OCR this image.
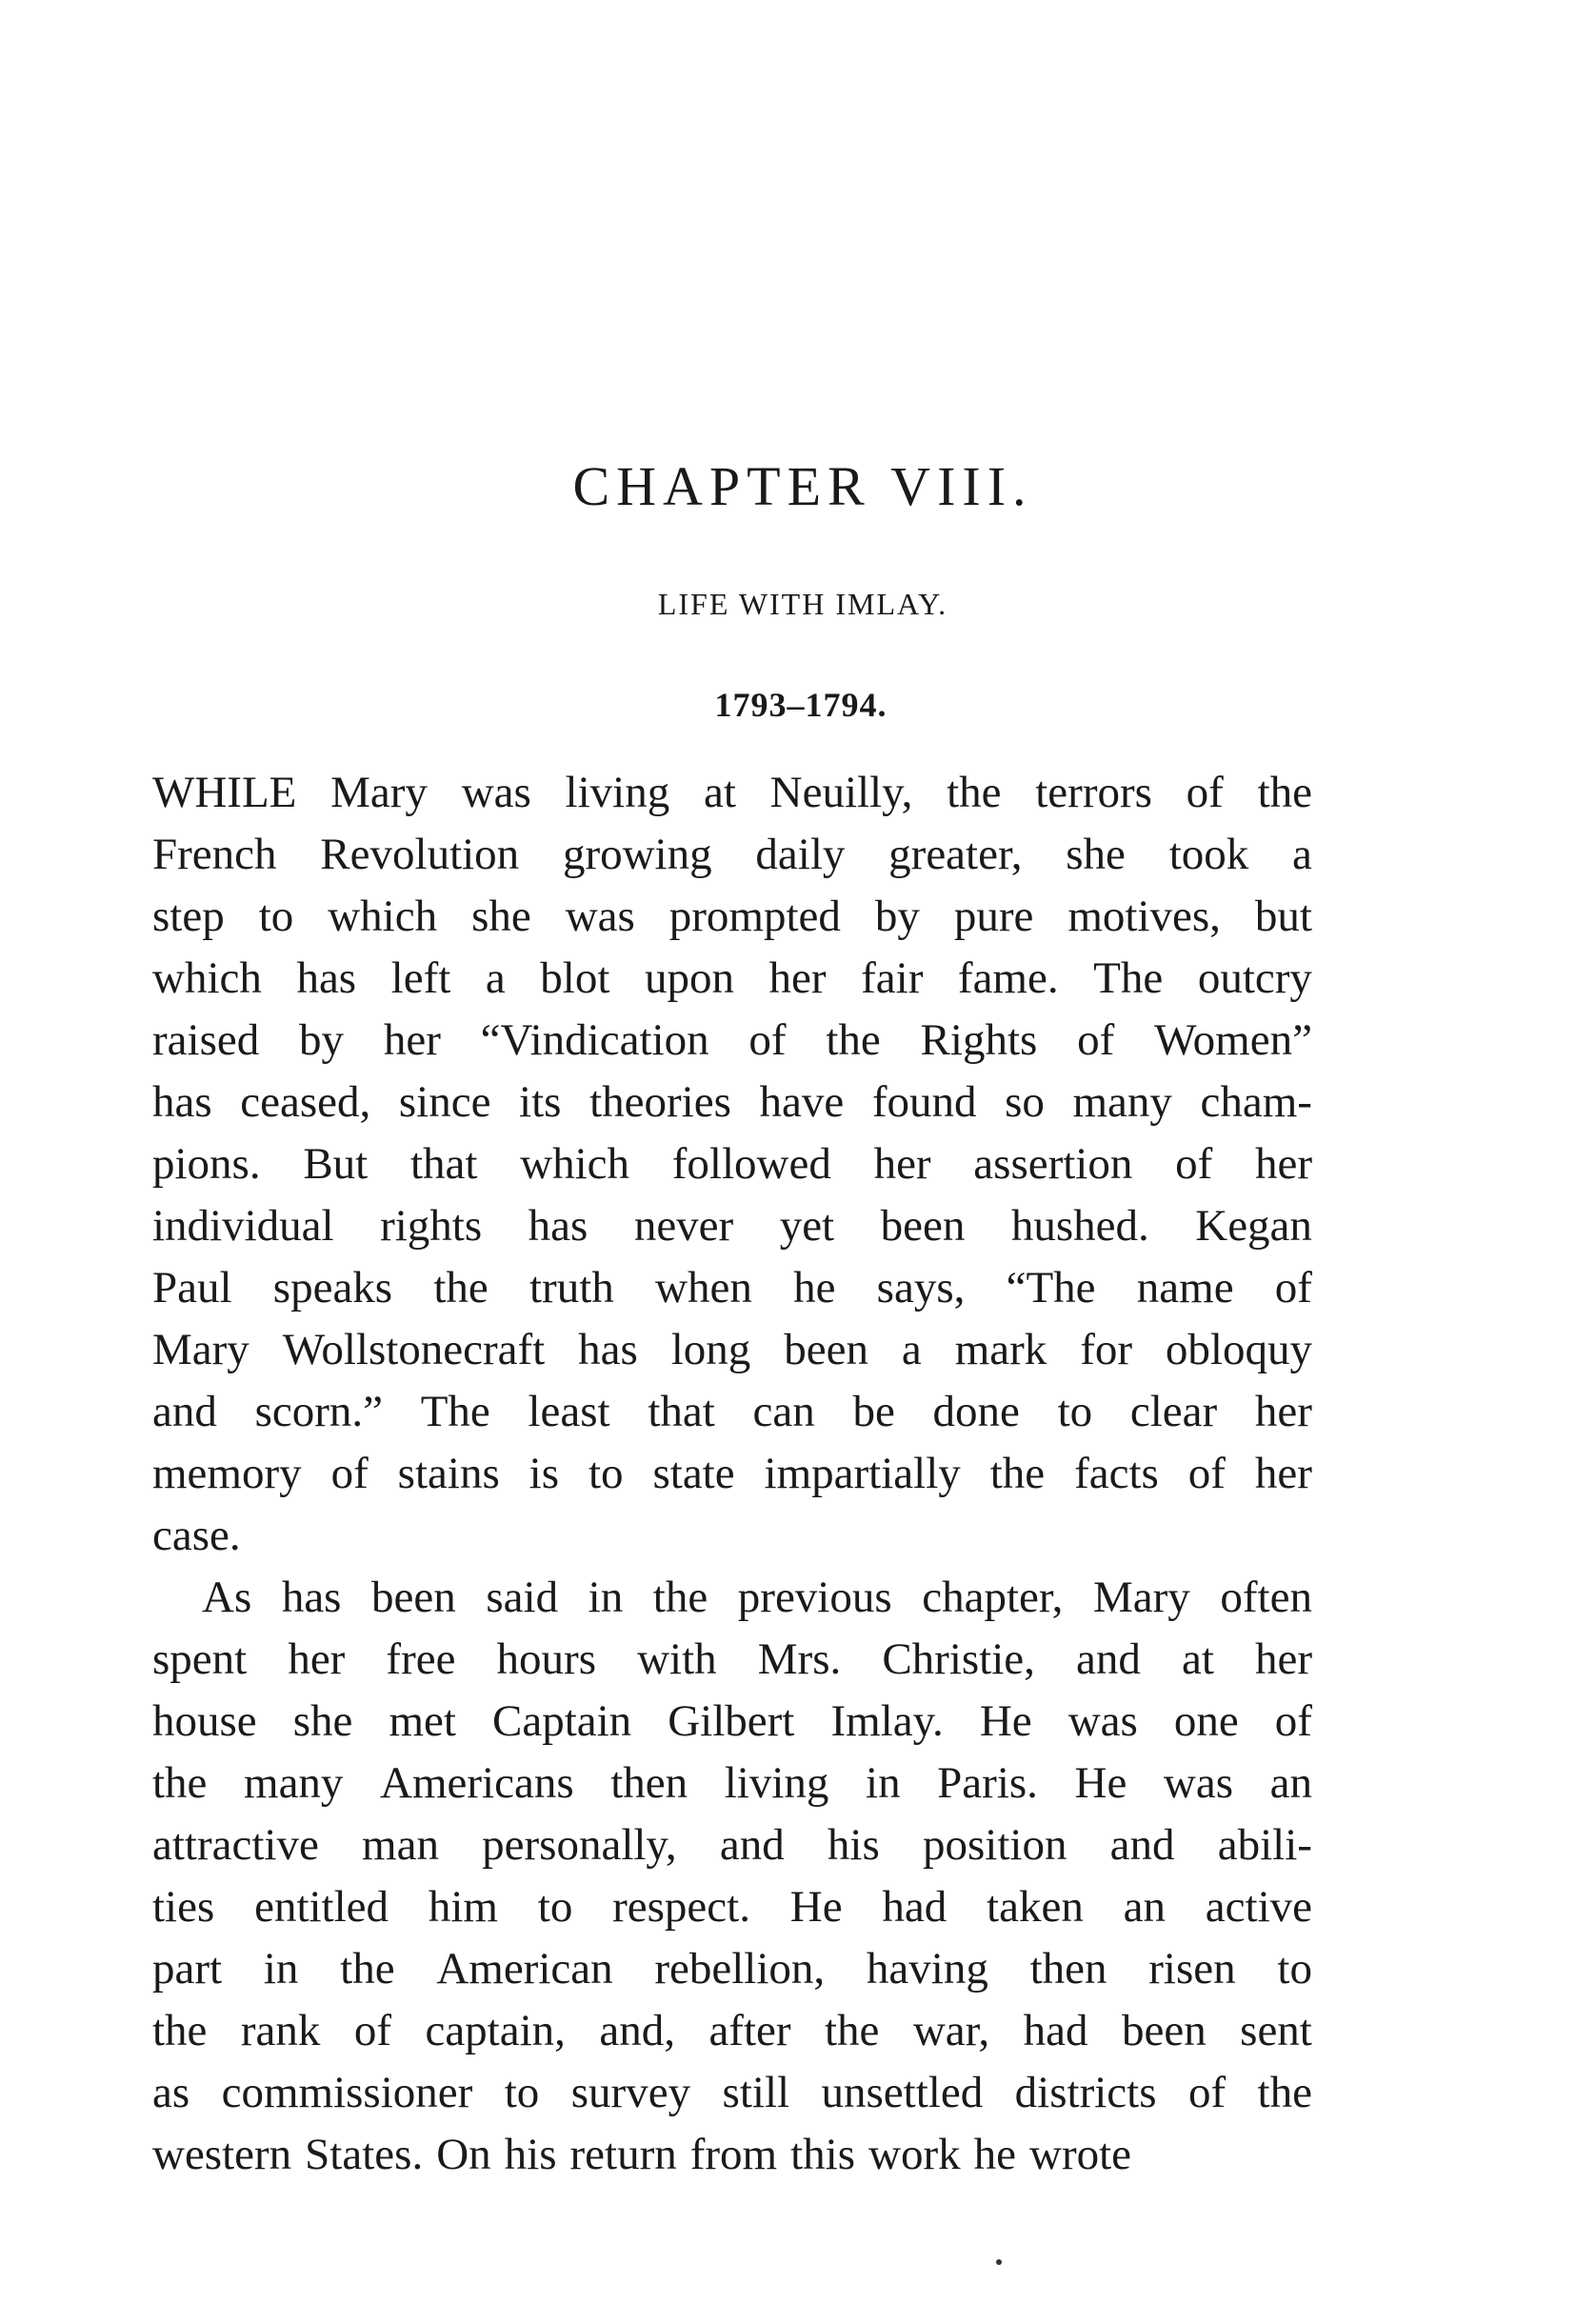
CHAPTER VIII.
LIFE WITH IMLAY.
1793–1794.
WHILE Mary was living at Neuilly, the terrors of the
French Revolution growing daily greater, she took a
step to which she was prompted by pure motives, but
which has left a blot upon her fair fame. The outcry
raised by her “Vindication of the Rights of Women”
has ceased, since its theories have found so many cham-
pions. But that which followed her assertion of her
individual rights has never yet been hushed. Kegan
Paul speaks the truth when he says, “The name of
Mary Wollstonecraft has long been a mark for obloquy
and scorn.” The least that can be done to clear her
memory of stains is to state impartially the facts of her
case.
As has been said in the previous chapter, Mary often
spent her free hours with Mrs. Christie, and at her
house she met Captain Gilbert Imlay. He was one of
the many Americans then living in Paris. He was an
attractive man personally, and his position and abili-
ties entitled him to respect. He had taken an active
part in the American rebellion, having then risen to
the rank of captain, and, after the war, had been sent
as commissioner to survey still unsettled districts of the
western States. On his return from this work he wrote
